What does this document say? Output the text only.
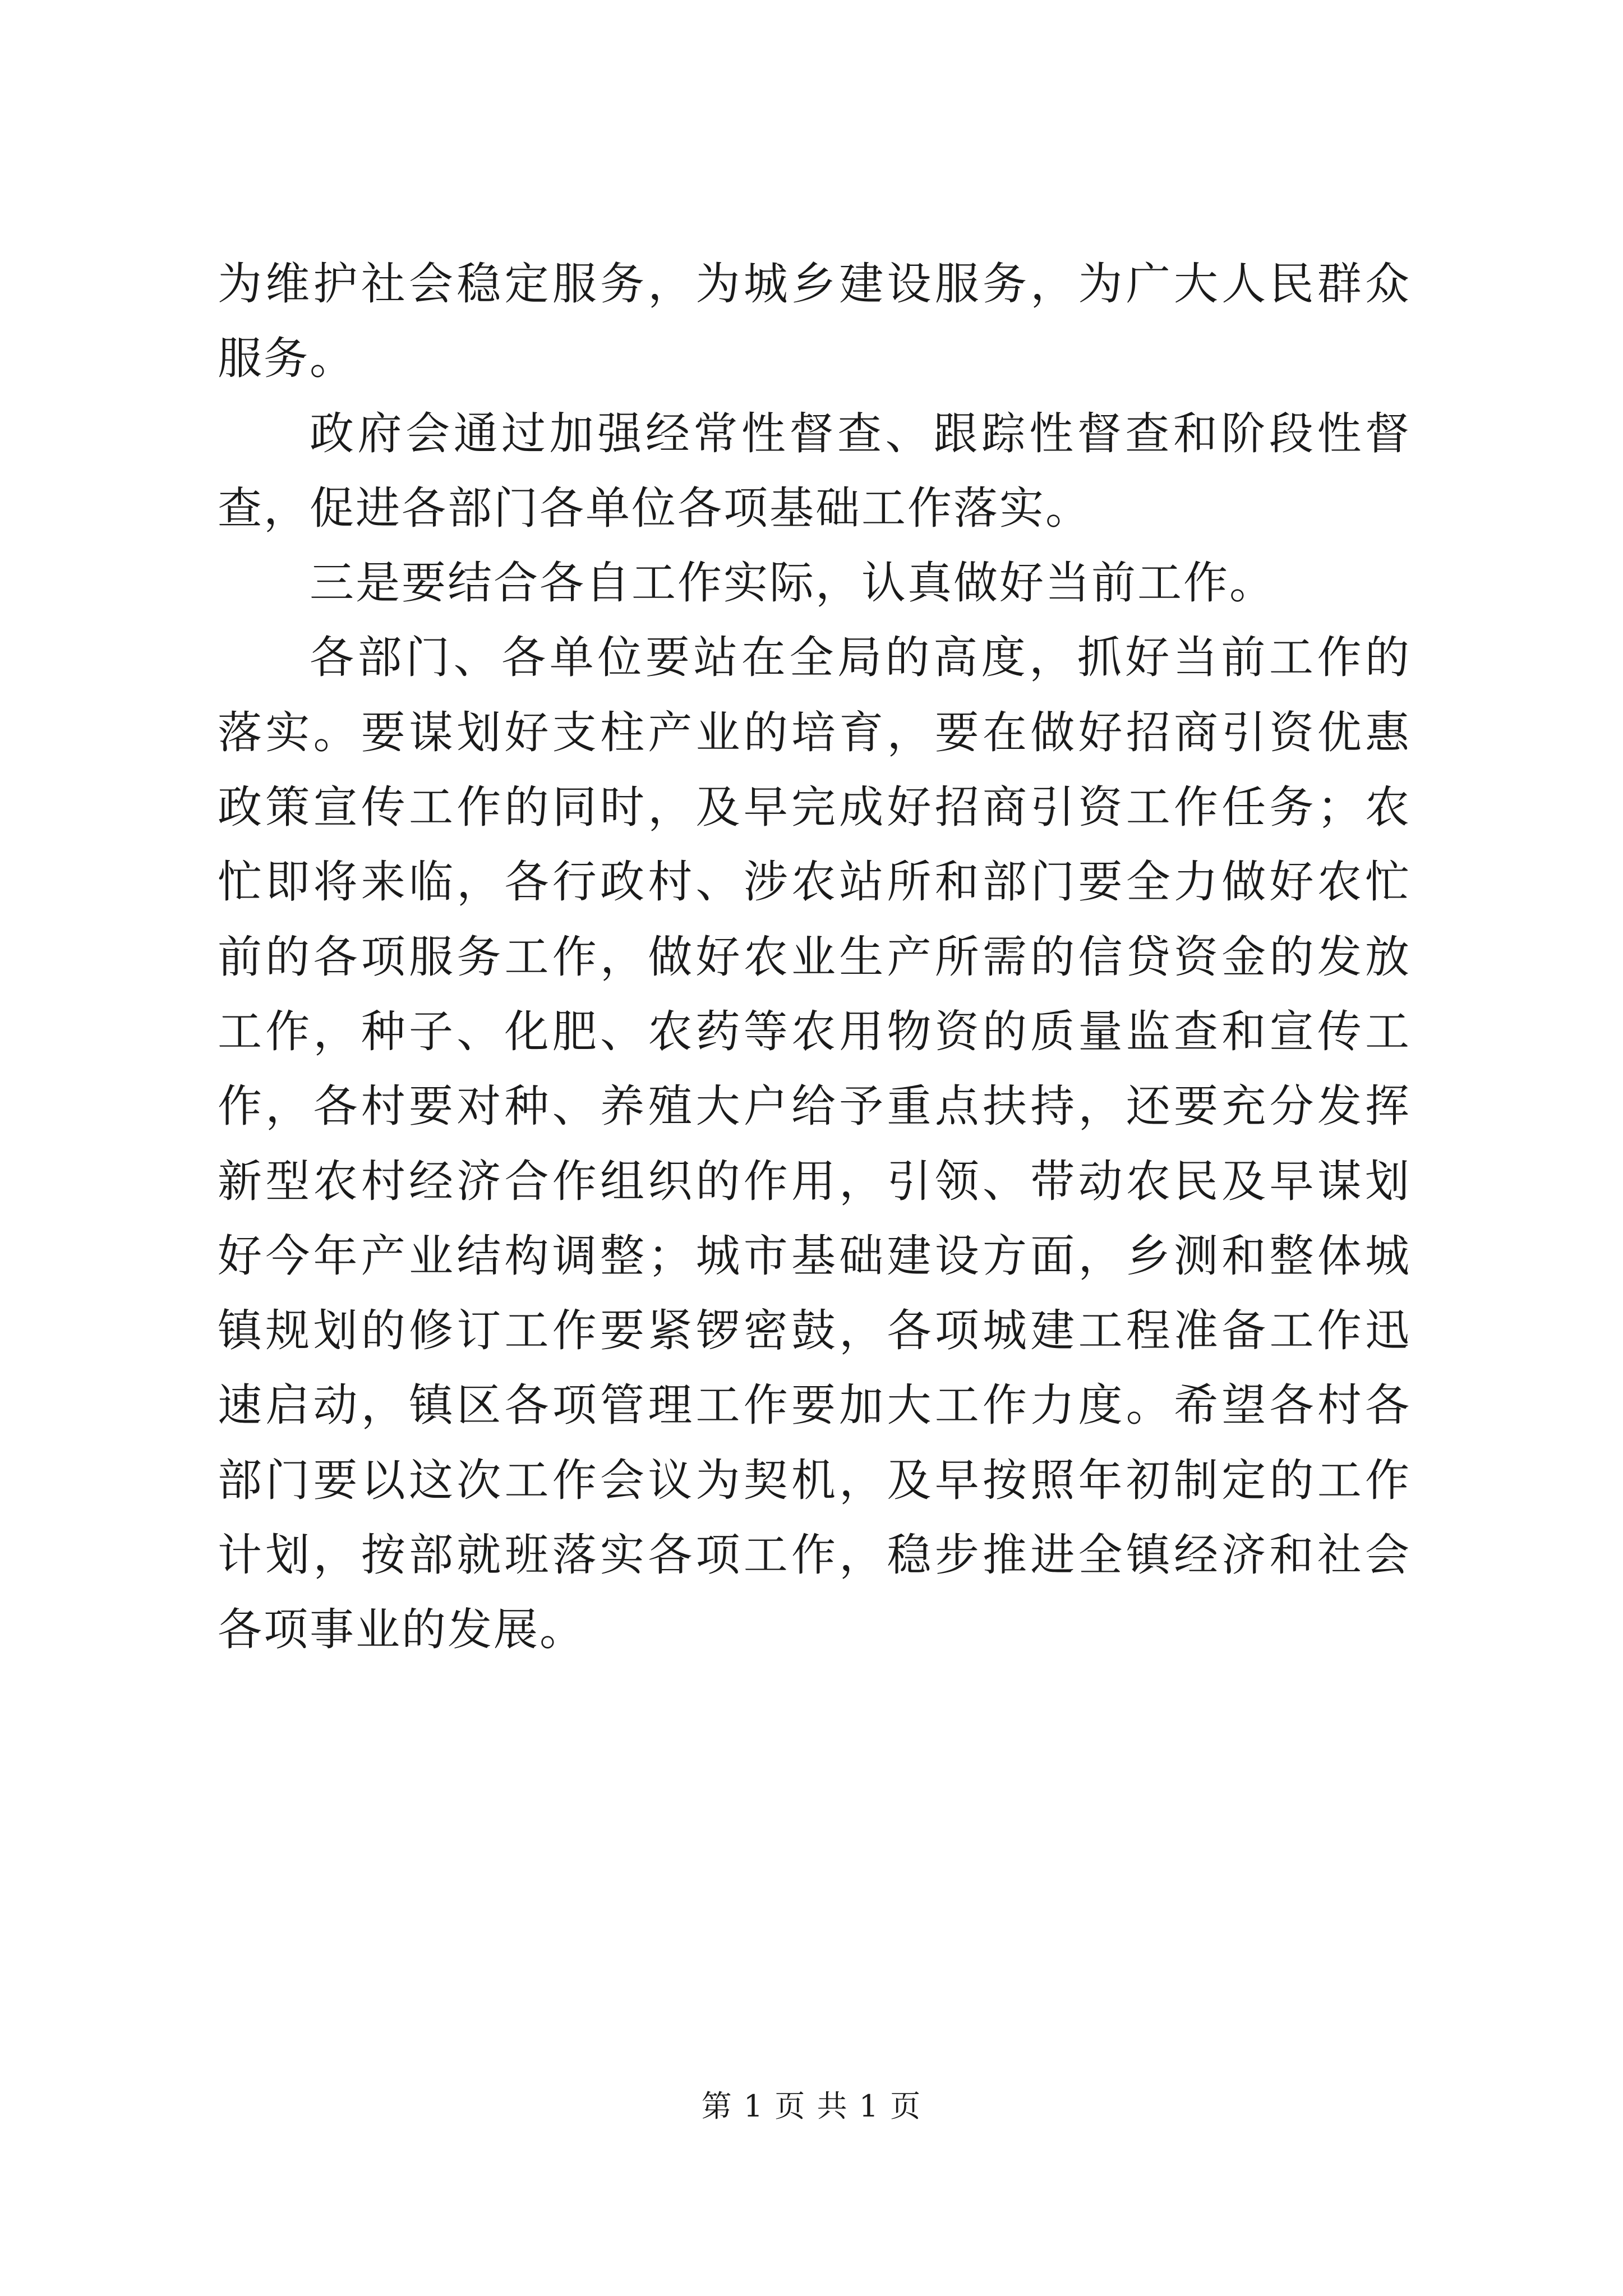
为维护社会稳定服务，为城乡建设服务，为广大人民群众服务。

政府会通过加强经常性督查、跟踪性督查和阶段性督查，促进各部门各单位各项基础工作落实。

三是要结合各自工作实际，认真做好当前工作。

各部门、各单位要站在全局的高度，抓好当前工作的落实。要谋划好支柱产业的培育，要在做好招商引资优惠政策宣传工作的同时，及早完成好招商引资工作任务；农忙即将来临，各行政村、涉农站所和部门要全力做好农忙前的各项服务工作，做好农业生产所需的信贷资金的发放工作，种子、化肥、农药等农用物资的质量监查和宣传工作，各村要对种、养殖大户给予重点扶持，还要充分发挥新型农村经济合作组织的作用，引领、带动农民及早谋划好今年产业结构调整；城市基础建设方面，乡测和整体城镇规划的修订工作要紧锣密鼓，各项城建工程准备工作迅速启动，镇区各项管理工作要加大工作力度。希望各村各部门要以这次工作会议为契机，及早按照年初制定的工作计划，按部就班落实各项工作，稳步推进全镇经济和社会各项事业的发展。

第 1 页 共 1 页
